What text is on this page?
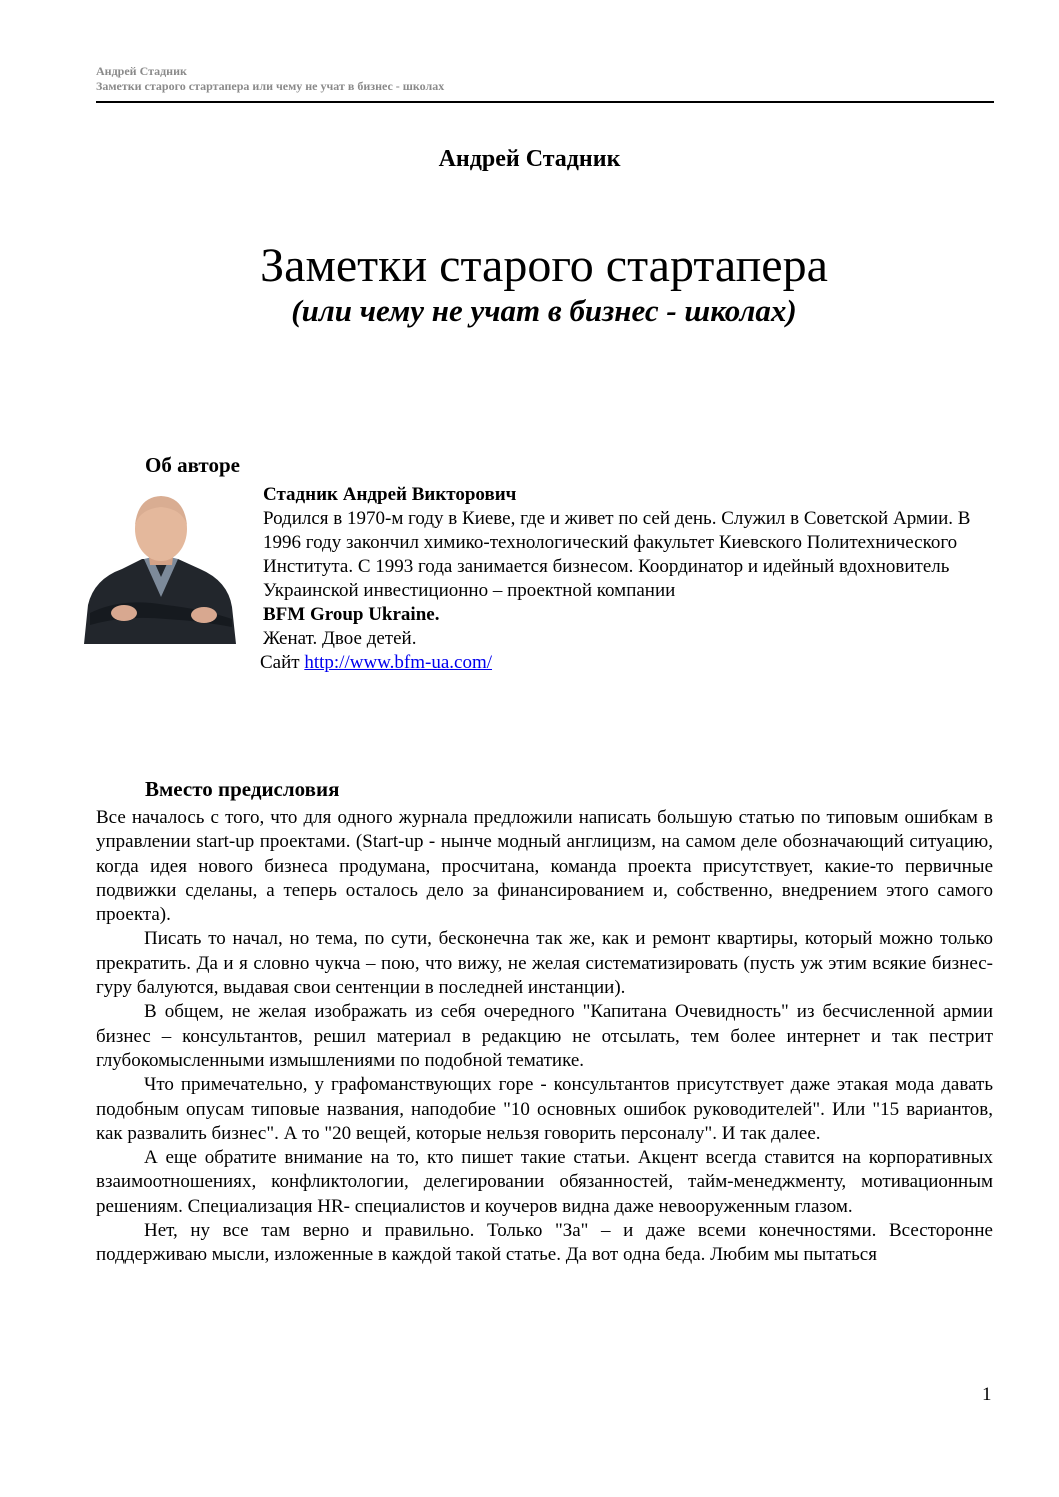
Андрей Стадник
Заметки старого стартапера или чему не учат в бизнес - школах
Андрей Стадник
Заметки старого стартапера
(или чему не учат в бизнес - школах)
Об авторе
Стадник Андрей Викторович
Родился в 1970-м году в Киеве, где и живет по сей день. Служил в Советской Армии. В 1996 году закончил химико-технологический факультет Киевского Политехнического Института. С 1993 года занимается бизнесом. Координатор и идейный вдохновитель Украинской инвестиционно – проектной компании
BFM Group Ukraine.
Женат. Двое детей.
Сайт http://www.bfm-ua.com/
Вместо предисловия

Все началось с того, что для одного журнала предложили написать большую статью по типовым ошибкам в управлении start-up проектами. (Start-up - нынче модный англицизм, на самом деле обозначающий ситуацию, когда идея нового бизнеса продумана, просчитана, команда проекта присутствует, какие-то первичные подвижки сделаны, а теперь осталось дело за финансированием и, собственно, внедрением этого самого проекта).

Писать то начал, но тема, по сути, бесконечна так же, как и ремонт квартиры, который можно только прекратить. Да и я словно чукча – пою, что вижу, не желая систематизировать (пусть уж этим всякие бизнес-гуру балуются, выдавая свои сентенции в последней инстанции).

В общем, не желая изображать из себя очередного "Капитана Очевидность" из бесчисленной армии бизнес – консультантов, решил материал в редакцию не отсылать, тем более интернет и так пестрит глубокомысленными измышлениями по подобной тематике.

Что примечательно, у графоманствующих горе - консультантов присутствует даже этакая мода давать подобным опусам типовые названия, наподобие "10 основных ошибок руководителей". Или "15 вариантов, как развалить бизнес". А то "20 вещей, которые нельзя говорить персоналу". И так далее.

А еще обратите внимание на то, кто пишет такие статьи. Акцент всегда ставится на корпоративных взаимоотношениях, конфликтологии, делегировании обязанностей, тайм-менеджменту, мотивационным решениям. Специализация HR- специалистов и коучеров видна даже невооруженным глазом.

Нет, ну все там верно и правильно. Только "За" – и даже всеми конечностями. Всесторонне поддерживаю мысли, изложенные в каждой такой статье. Да вот одна беда. Любим мы пытаться

1
